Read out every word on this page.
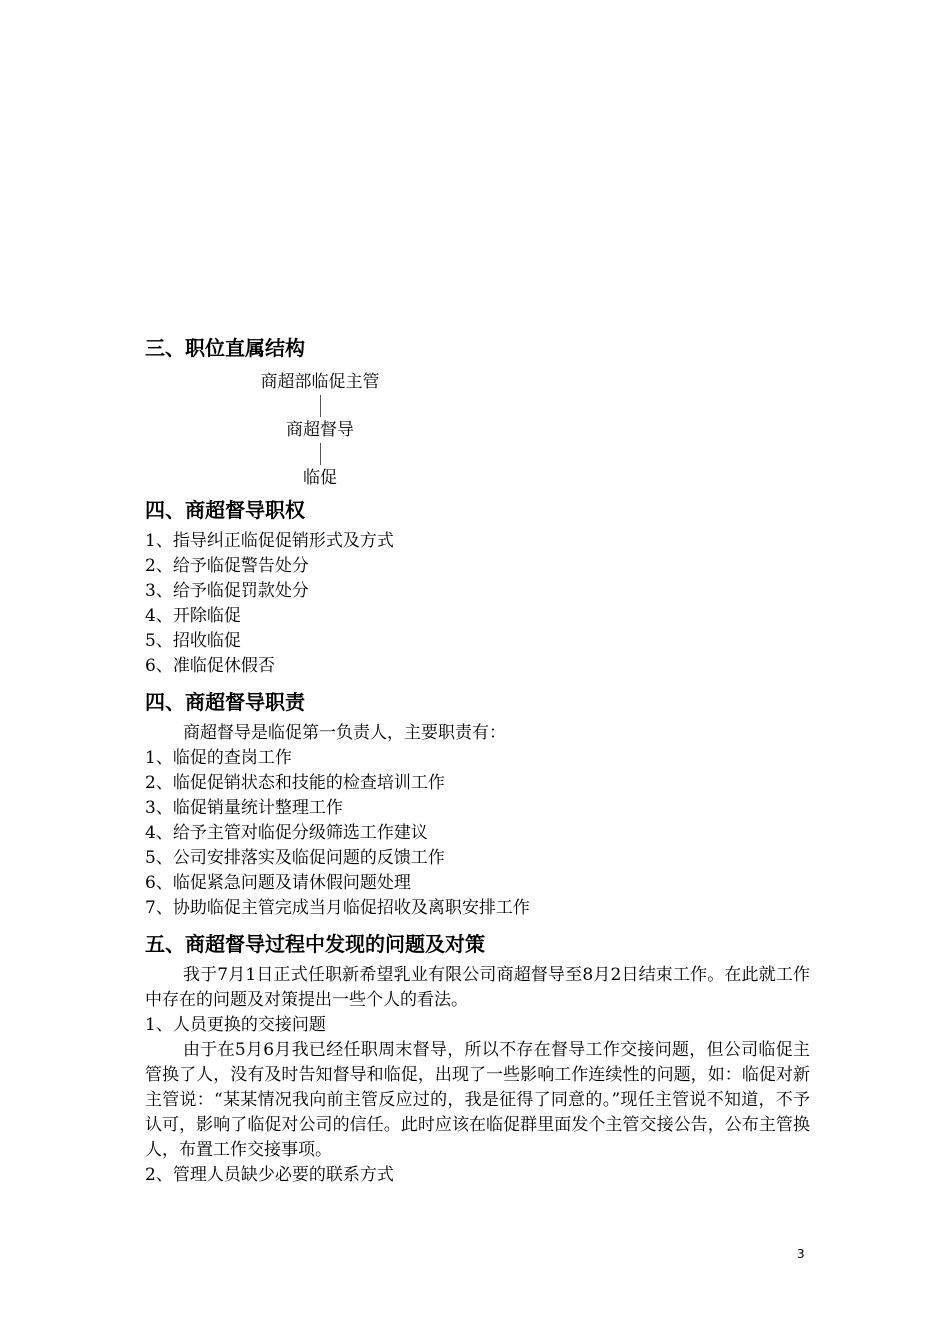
三、职位直属结构
商超部临促主管
商超督导
临促
四、商超督导职权
1、指导纠正临促促销形式及方式
2、给予临促警告处分
3、给予临促罚款处分
4、开除临促
5、招收临促
6、准临促休假否
四、商超督导职责
商超督导是临促第一负责人，主要职责有：
1、临促的查岗工作
2、临促促销状态和技能的检查培训工作
3、临促销量统计整理工作
4、给予主管对临促分级筛选工作建议
5、公司安排落实及临促问题的反馈工作
6、临促紧急问题及请休假问题处理
7、协助临促主管完成当月临促招收及离职安排工作
五、商超督导过程中发现的问题及对策
我于7月1日正式任职新希望乳业有限公司商超督导至8月2日结束工作。在此就工作中存在的问题及对策提出一些个人的看法。
1、人员更换的交接问题
由于在5月6月我已经任职周末督导，所以不存在督导工作交接问题，但公司临促主管换了人，没有及时告知督导和临促，出现了一些影响工作连续性的问题，如：临促对新主管说：“某某情况我向前主管反应过的，我是征得了同意的。”现任主管说不知道，不予认可，影响了临促对公司的信任。此时应该在临促群里面发个主管交接公告，公布主管换人，布置工作交接事项。
2、管理人员缺少必要的联系方式
3
